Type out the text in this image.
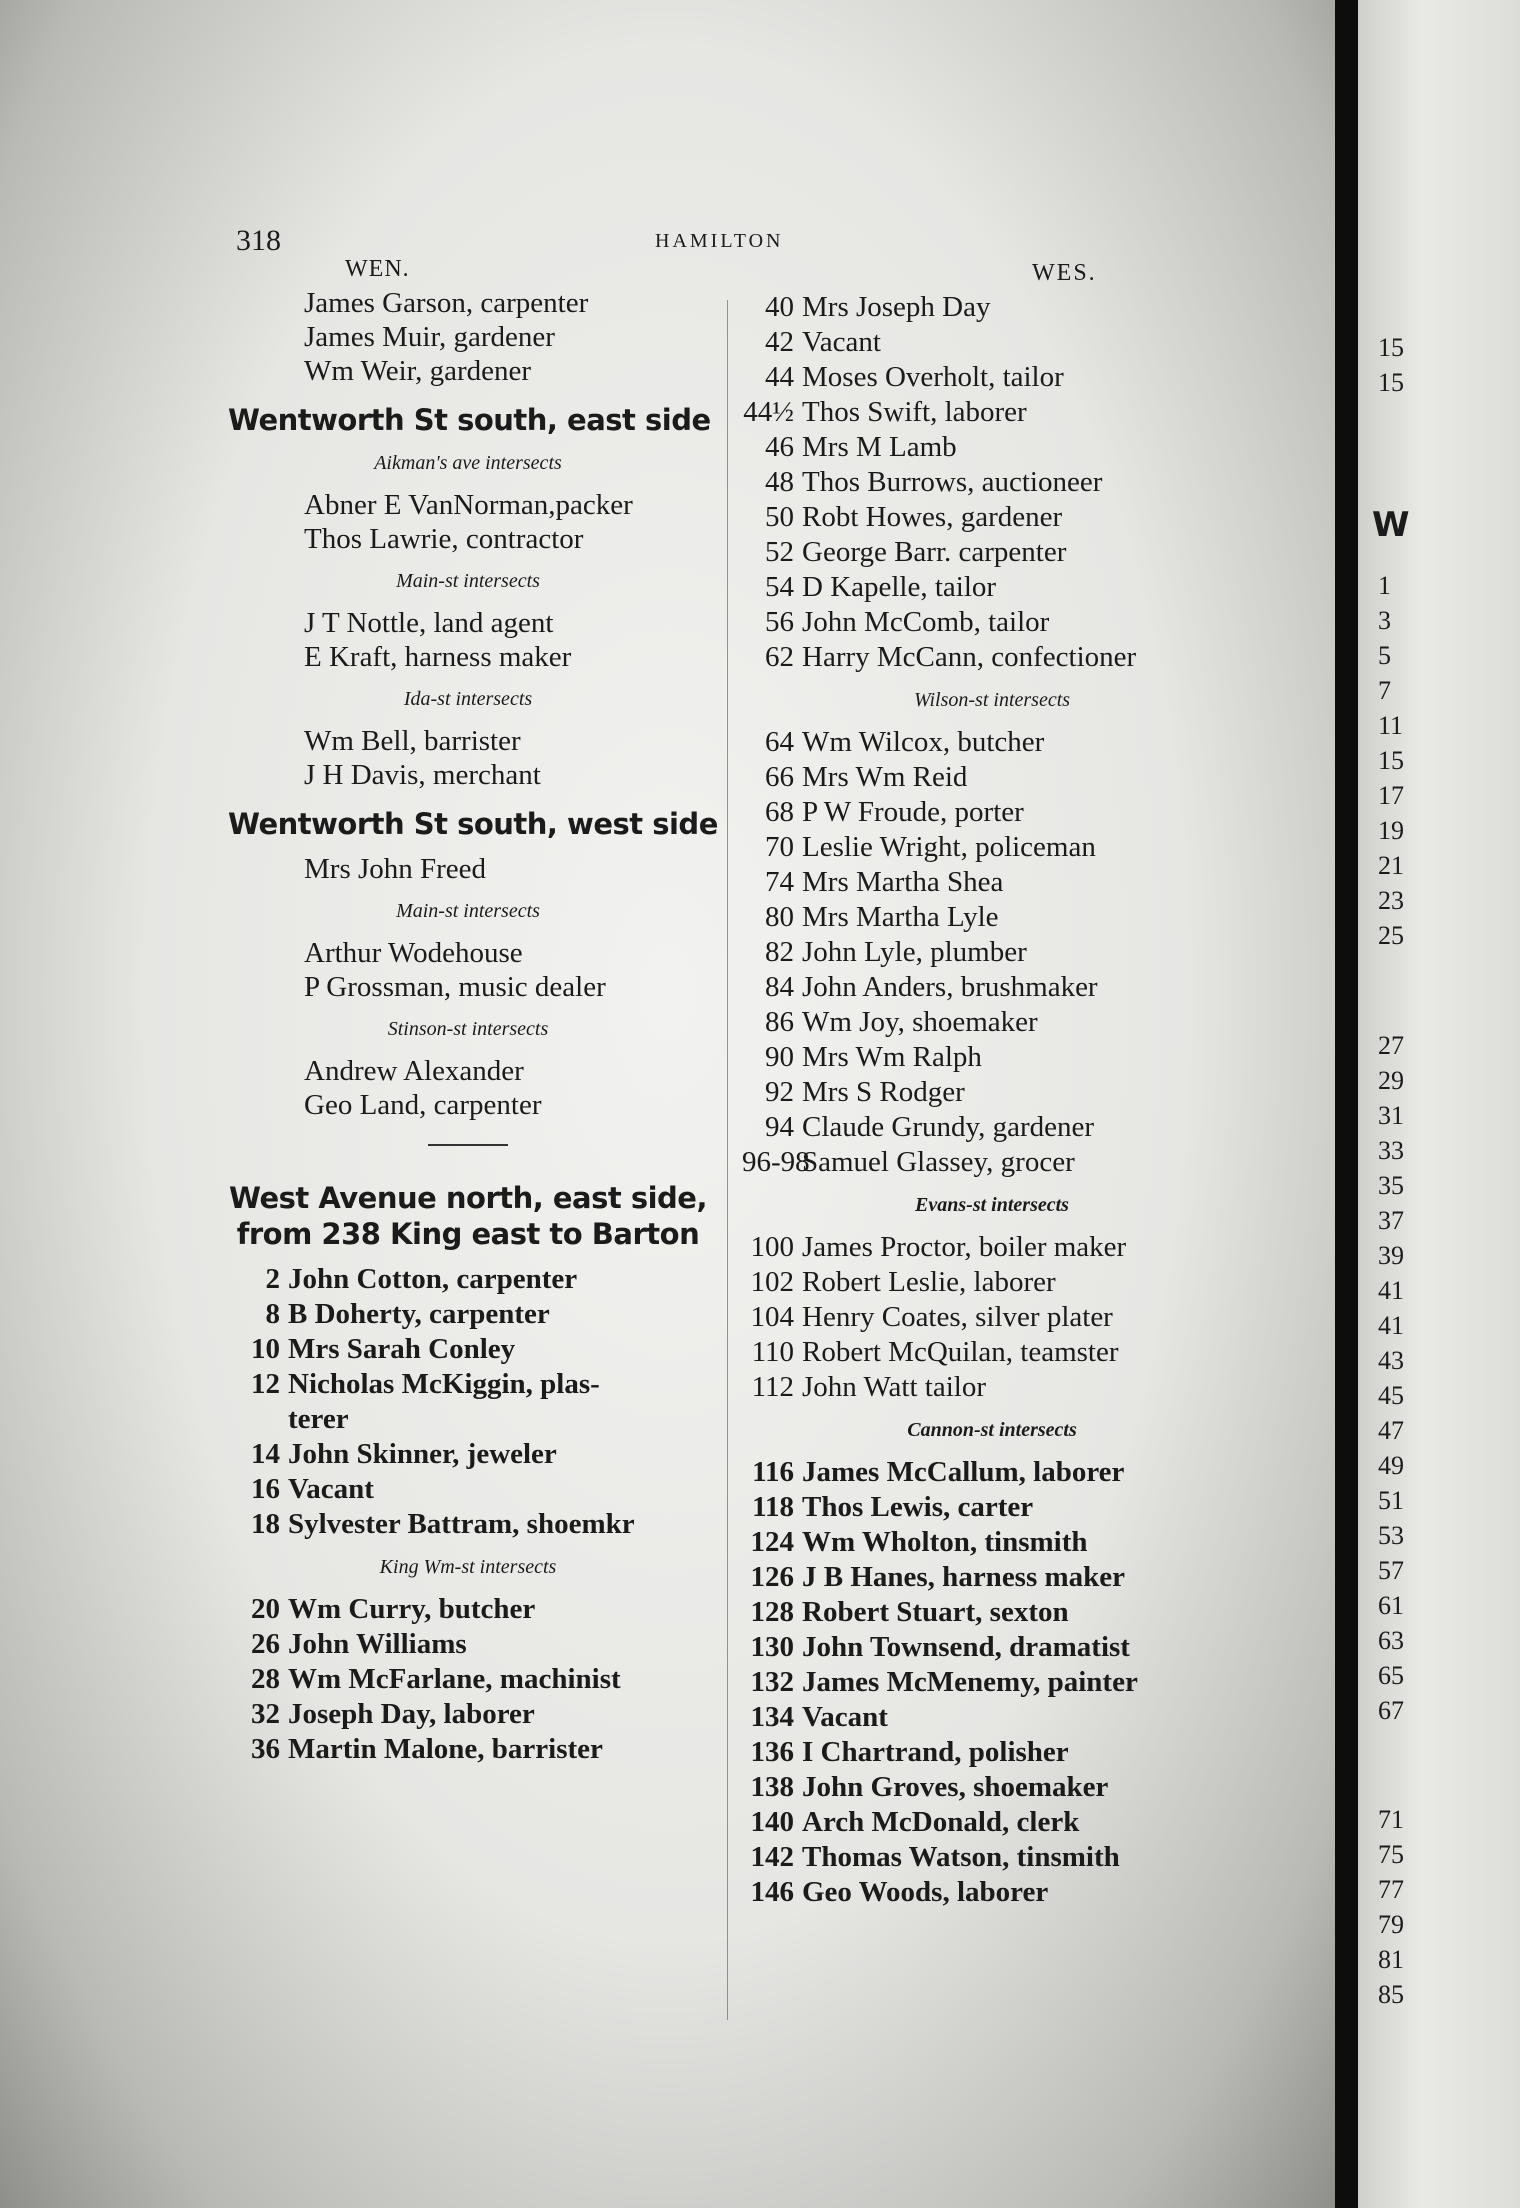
318	HAMILTON
WEN.	WES.
James Garson, carpenter
James Muir, gardener
Wm Weir, gardener
Wentworth St south, east side
Aikman's ave intersects
Abner E VanNorman,packer
Thos Lawrie, contractor
Main-st intersects
J T Nottle, land agent
E Kraft, harness maker
Ida-st intersects
Wm Bell, barrister
J H Davis, merchant
Wentworth St south, west side
Mrs John Freed
Main-st intersects
Arthur Wodehouse
P Grossman, music dealer
Stinson-st intersects
Andrew Alexander
Geo Land, carpenter
West Avenue north, east side, from 238 King east to Barton
2 John Cotton, carpenter
8 B Doherty, carpenter
10 Mrs Sarah Conley
12 Nicholas McKiggin, plas-
terer
14 John Skinner, jeweler
16 Vacant
18 Sylvester Battram, shoemkr
King Wm-st intersects
20 Wm Curry, butcher
26 John Williams
28 Wm McFarlane, machinist
32 Joseph Day, laborer
36 Martin Malone, barrister
40 Mrs Joseph Day
42 Vacant
44 Moses Overholt, tailor
44½ Thos Swift, laborer
46 Mrs M Lamb
48 Thos Burrows, auctioneer
50 Robt Howes, gardener
52 George Barr. carpenter
54 D Kapelle, tailor
56 John McComb, tailor
62 Harry McCann, confectioner
Wilson-st intersects
64 Wm Wilcox, butcher
66 Mrs Wm Reid
68 P W Froude, porter
70 Leslie Wright, policeman
74 Mrs Martha Shea
80 Mrs Martha Lyle
82 John Lyle, plumber
84 John Anders, brushmaker
86 Wm Joy, shoemaker
90 Mrs Wm Ralph
92 Mrs S Rodger
94 Claude Grundy, gardener
96-98
Samuel Glassey, grocer
Evans-st intersects
100 James Proctor, boiler maker
102 Robert Leslie, laborer
104 Henry Coates, silver plater
110 Robert McQuilan, teamster
112 John Watt tailor
Cannon-st intersects
116 James McCallum, laborer
118 Thos Lewis, carter
124 Wm Wholton, tinsmith
126 J B Hanes, harness maker
128 Robert Stuart, sexton
130 John Townsend, dramatist
132 James McMenemy, painter
134 Vacant
136 I Chartrand, polisher
138 John Groves, shoemaker
140 Arch McDonald, clerk
142 Thomas Watson, tinsmith
146 Geo Woods, laborer
15
15
W
1
3
5
7
11
15
17
19
21
23
25
27
29
31
33
35
37
39
41
41
43
45
47
49
51
53
57
61
63
65
67
71
75
77
79
81
85
